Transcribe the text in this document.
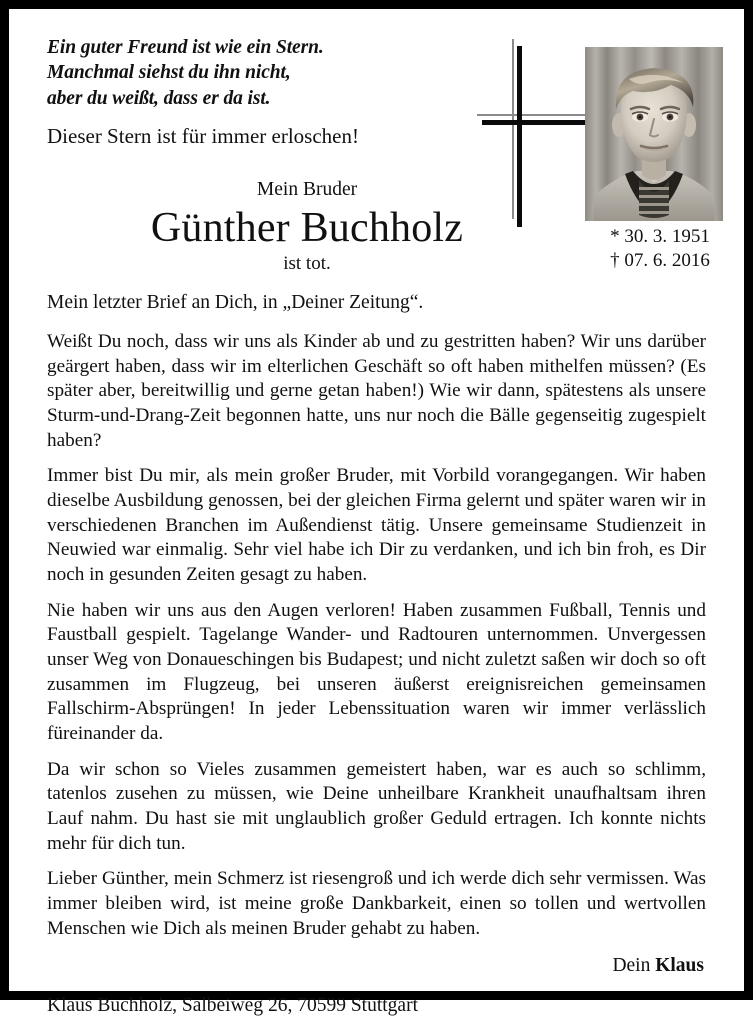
Ein guter Freund ist wie ein Stern.
Manchmal siehst du ihn nicht,
aber du weißt, dass er da ist.
Dieser Stern ist für immer erloschen!
* 30. 3. 1951
† 07. 6. 2016
Mein Bruder
Günther Buchholz
ist tot.
Mein letzter Brief an Dich, in „Deiner Zeitung“.

Weißt Du noch, dass wir uns als Kinder ab und zu gestritten haben? Wir uns darüber geärgert haben, dass wir im elterlichen Geschäft so oft haben mithelfen müssen? (Es später aber, bereitwillig und gerne getan haben!) Wie wir dann, spätestens als unsere Sturm-und-Drang-Zeit begonnen hatte, uns nur noch die Bälle gegenseitig zugespielt haben?

Immer bist Du mir, als mein großer Bruder, mit Vorbild vorangegangen. Wir haben dieselbe Ausbildung genossen, bei der gleichen Firma gelernt und später waren wir in verschiedenen Branchen im Außendienst tätig. Unsere gemeinsame Studienzeit in Neuwied war einmalig. Sehr viel habe ich Dir zu verdanken, und ich bin froh, es Dir noch in gesunden Zeiten gesagt zu haben.

Nie haben wir uns aus den Augen verloren! Haben zusammen Fußball, Tennis und Faustball gespielt. Tagelange Wander- und Radtouren unternommen. Unvergessen unser Weg von Donaueschingen bis Budapest; und nicht zuletzt saßen wir doch so oft zusammen im Flugzeug, bei unseren äußerst ereignisreichen gemeinsamen Fallschirm-Absprüngen! In jeder Lebenssituation waren wir immer verlässlich füreinander da.

Da wir schon so Vieles zusammen gemeistert haben, war es auch so schlimm, tatenlos zusehen zu müssen, wie Deine unheilbare Krankheit unaufhaltsam ihren Lauf nahm. Du hast sie mit unglaublich großer Geduld ertragen. Ich konnte nichts mehr für dich tun.

Lieber Günther, mein Schmerz ist riesengroß und ich werde dich sehr vermissen. Was immer bleiben wird, ist meine große Dankbarkeit, einen so tollen und wertvollen Menschen wie Dich als meinen Bruder gehabt zu haben.

Dein Klaus
Klaus Buchholz, Salbeiweg 26, 70599 Stuttgart
